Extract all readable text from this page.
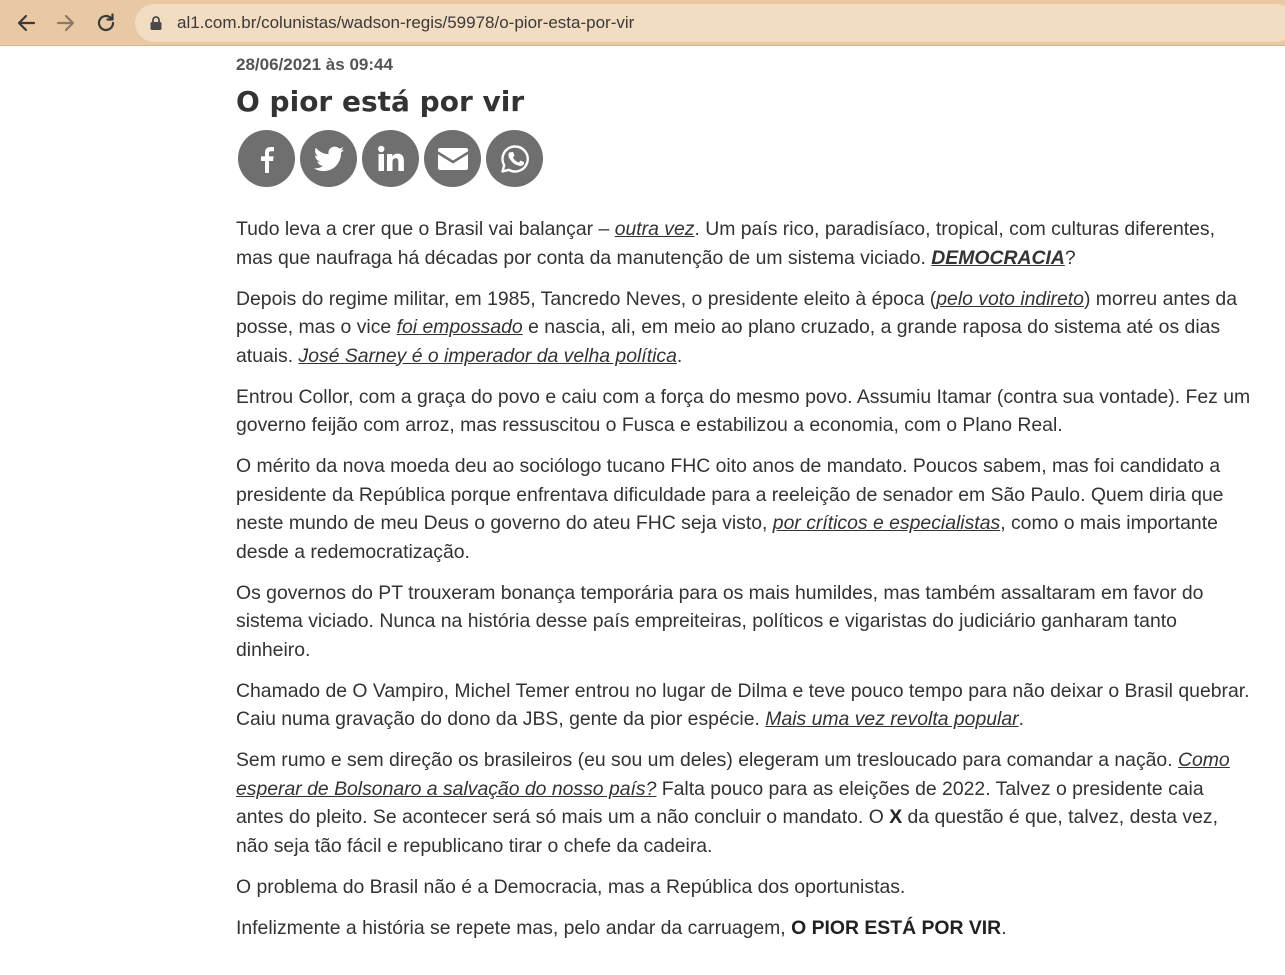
al1.com.br/colunistas/wadson-regis/59978/o-pior-esta-por-vir

28/06/2021 às 09:44

O pior está por vir

Tudo leva a crer que o Brasil vai balançar – outra vez. Um país rico, paradisíaco, tropical, com culturas diferentes, mas que naufraga há décadas por conta da manutenção de um sistema viciado. DEMOCRACIA?

Depois do regime militar, em 1985, Tancredo Neves, o presidente eleito à época (pelo voto indireto) morreu antes da posse, mas o vice foi empossado e nascia, ali, em meio ao plano cruzado, a grande raposa do sistema até os dias atuais. José Sarney é o imperador da velha política.

Entrou Collor, com a graça do povo e caiu com a força do mesmo povo. Assumiu Itamar (contra sua vontade). Fez um governo feijão com arroz, mas ressuscitou o Fusca e estabilizou a economia, com o Plano Real.

O mérito da nova moeda deu ao sociólogo tucano FHC oito anos de mandato. Poucos sabem, mas foi candidato a presidente da República porque enfrentava dificuldade para a reeleição de senador em São Paulo. Quem diria que neste mundo de meu Deus o governo do ateu FHC seja visto, por críticos e especialistas, como o mais importante desde a redemocratização.

Os governos do PT trouxeram bonança temporária para os mais humildes, mas também assaltaram em favor do sistema viciado. Nunca na história desse país empreiteiras, políticos e vigaristas do judiciário ganharam tanto dinheiro.

Chamado de O Vampiro, Michel Temer entrou no lugar de Dilma e teve pouco tempo para não deixar o Brasil quebrar. Caiu numa gravação do dono da JBS, gente da pior espécie. Mais uma vez revolta popular.

Sem rumo e sem direção os brasileiros (eu sou um deles) elegeram um tresloucado para comandar a nação. Como esperar de Bolsonaro a salvação do nosso país? Falta pouco para as eleições de 2022. Talvez o presidente caia antes do pleito. Se acontecer será só mais um a não concluir o mandato. O X da questão é que, talvez, desta vez, não seja tão fácil e republicano tirar o chefe da cadeira.

O problema do Brasil não é a Democracia, mas a República dos oportunistas.

Infelizmente a história se repete mas, pelo andar da carruagem, O PIOR ESTÁ POR VIR.
